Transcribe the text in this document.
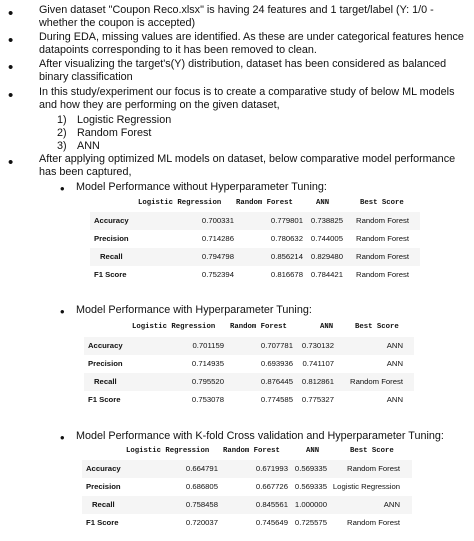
• Given dataset "Coupon Reco.xlsx" is having 24 features and 1 target/label (Y: 1/0 - whether the coupon is accepted)
• During EDA, missing values are identified. As these are under categorical features hence datapoints corresponding to it has been removed to clean.
• After visualizing the target's(Y) distribution, dataset has been considered as balanced binary classification
• In this study/experiment our focus is to create a comparative study of below ML models and how they are performing on the given dataset,
1) Logistic Regression
2) Random Forest
3) ANN
• After applying optimized ML models on dataset, below comparative model performance has been captured,
• Model Performance without Hyperparameter Tuning:
Logistic Regression Random Forest	ANN	Best Score
Accuracy	0.700331	0.779801	0.738825	Random Forest
Precision	0.714286	0.780632	0.744005	Random Forest
Recall	0.794798	0.856214	0.829480	Random Forest
F1 Score	0.752394	0.816678	0.784421	Random Forest
• Model Performance with Hyperparameter Tuning:
Logistic Regression Random Forest	ANN	Best Score
Accuracy	0.701159	0.707781	0.730132	ANN
Precision	0.714935	0.693936	0.741107	ANN
Recall	0.795520	0.876445	0.812861	Random Forest
F1 Score	0.753078	0.774585	0.775327	ANN
• Model Performance with K-fold Cross validation and Hyperparameter Tuning:
Logistic Regression Random Forest	ANN	Best Score
Accuracy	0.664791	0.671993 0.569335	Random Forest
Precision	0.686805	0.667726 0.569335 Logistic Regression
Recall	0.758458	0.845561 1.000000	ANN
F1 Score	0.720037	0.745649 0.725575	Random Forest
